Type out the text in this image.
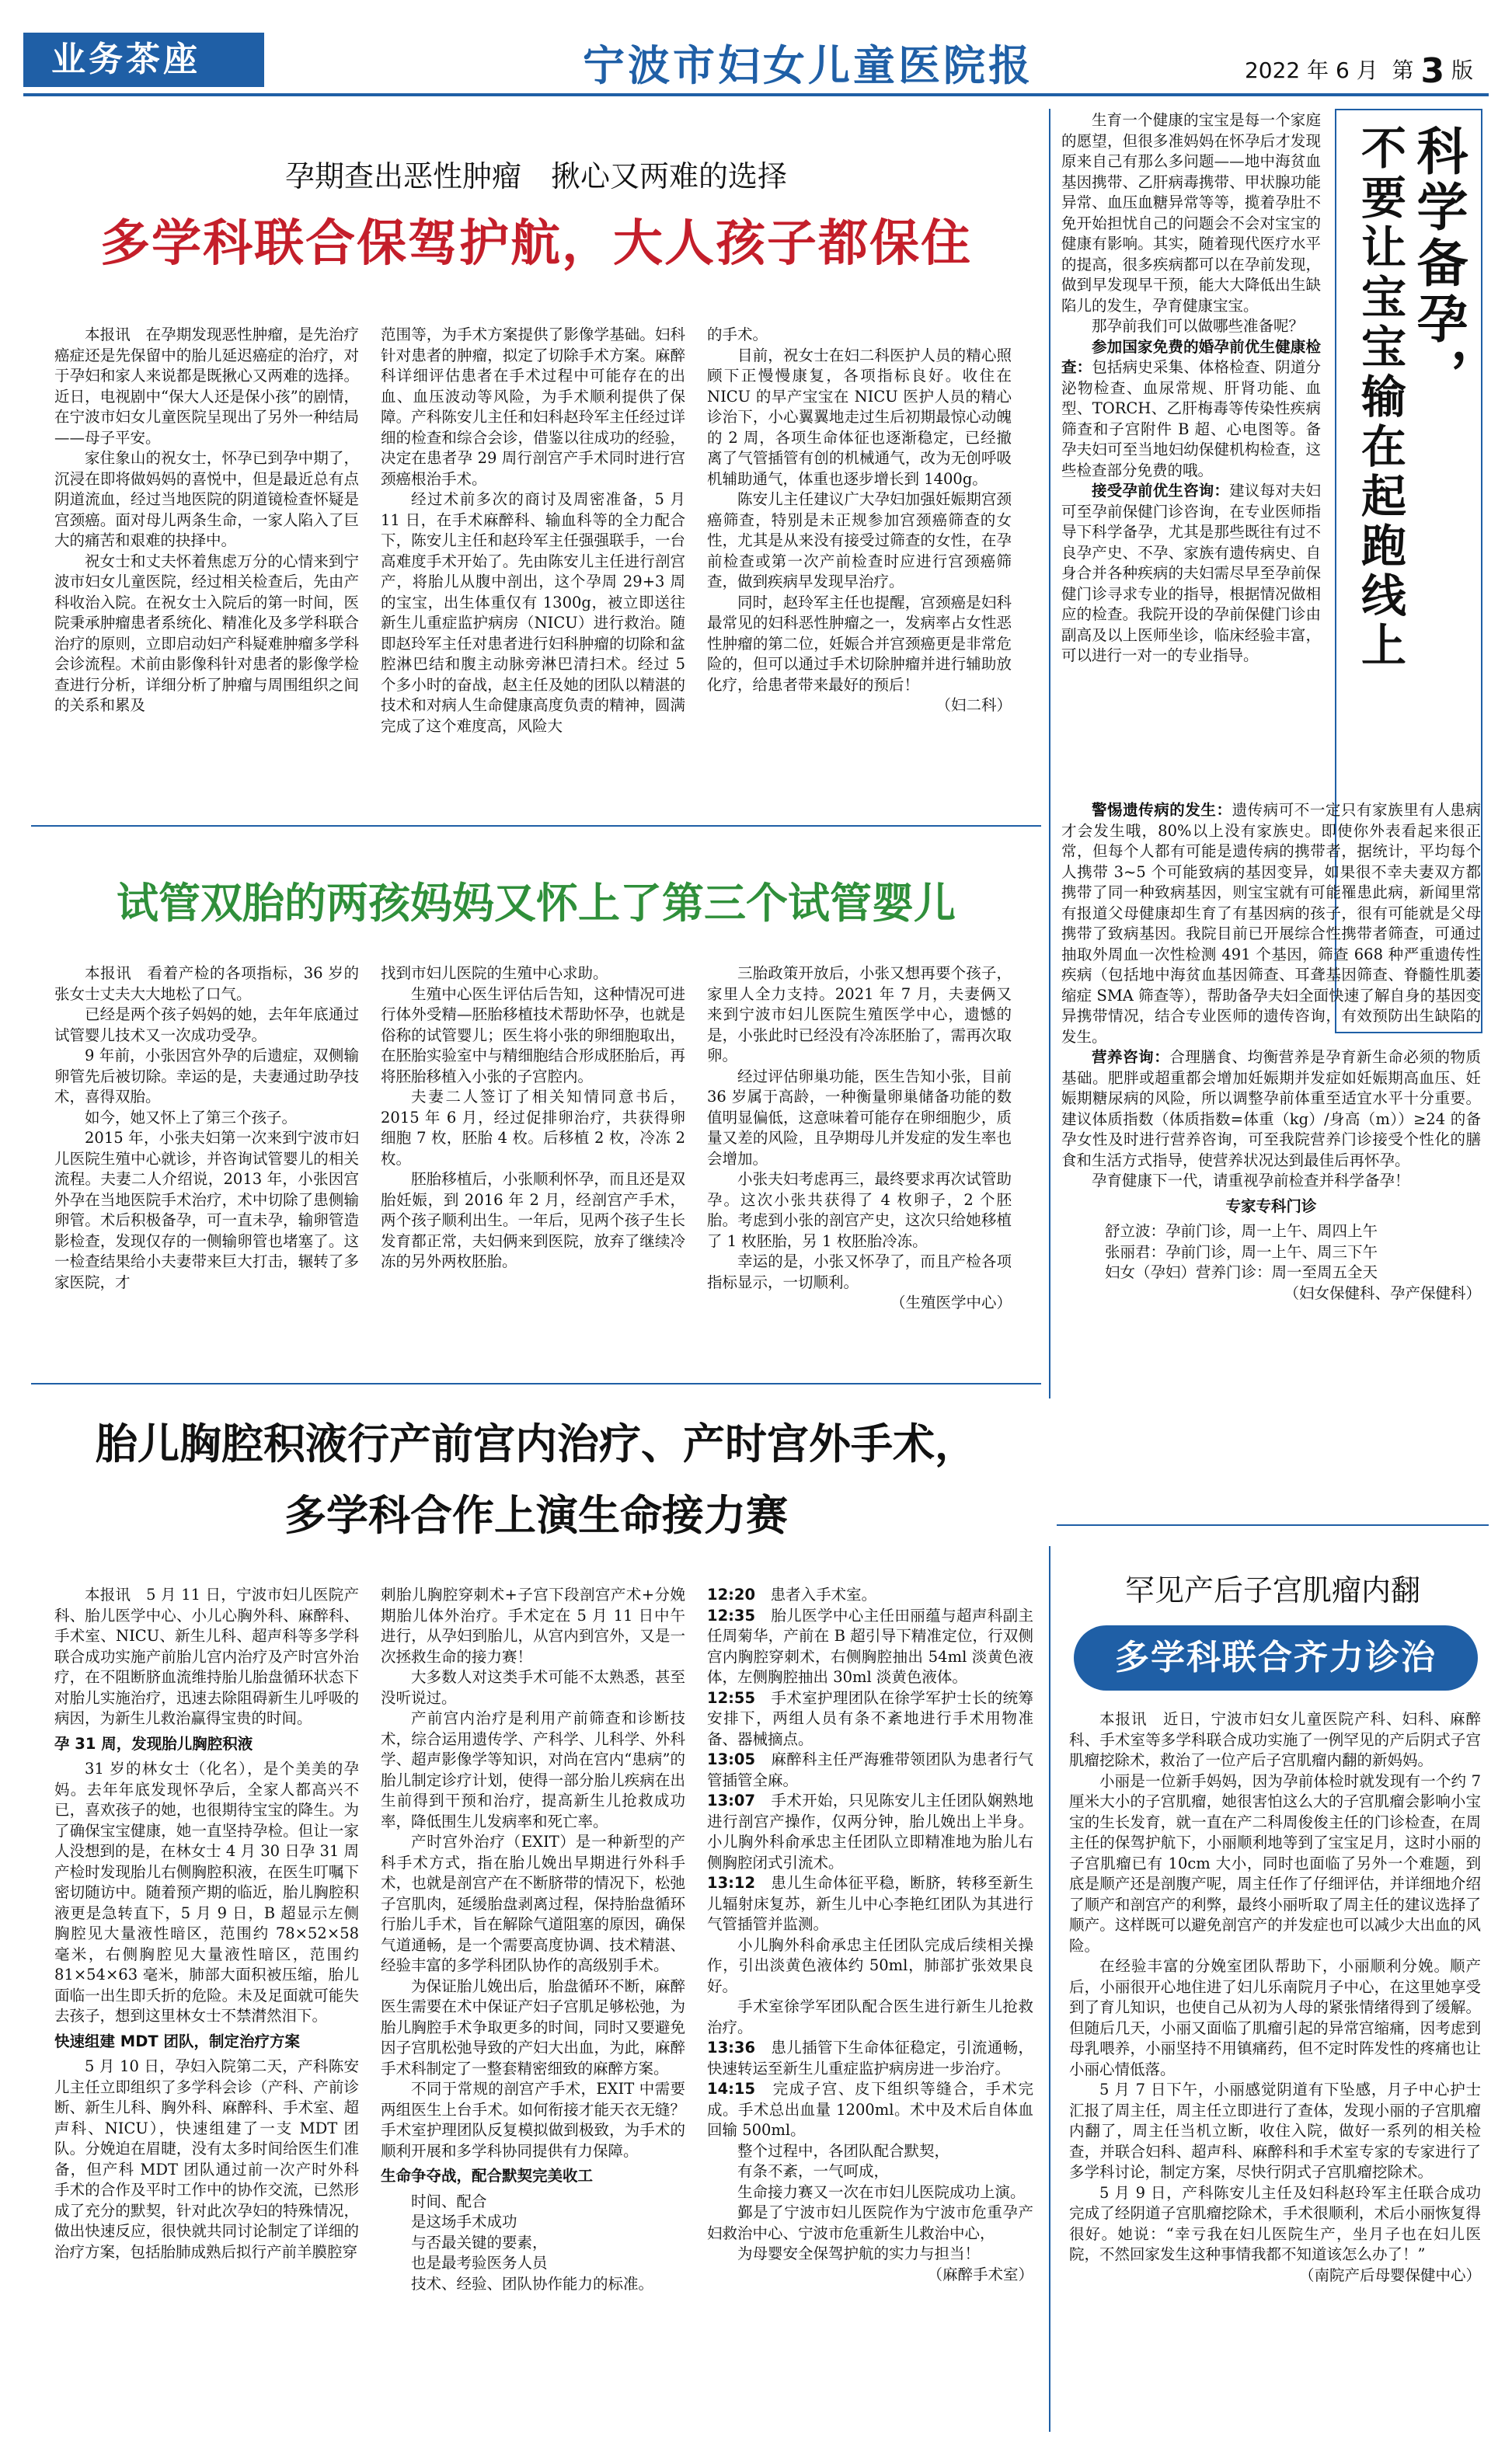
业务茶座	宁波市妇女儿童医院报	2022 年 6 月 第 3 版
孕期查出恶性肿瘤　揪心又两难的选择
多学科联合保驾护航，大人孩子都保住

本报讯　在孕期发现恶性肿瘤，是先治疗癌症还是先保留中的胎儿延迟癌症的治疗，对于孕妇和家人来说都是既揪心又两难的选择。近日，电视剧中“保大人还是保小孩”的剧情，在宁波市妇女儿童医院呈现出了另外一种结局——母子平安。

家住象山的祝女士，怀孕已到孕中期了，沉浸在即将做妈妈的喜悦中，但是最近总有点阴道流血，经过当地医院的阴道镜检查怀疑是宫颈癌。面对母儿两条生命，一家人陷入了巨大的痛苦和艰难的抉择中。

祝女士和丈夫怀着焦虑万分的心情来到宁波市妇女儿童医院，经过相关检查后，先由产科收治入院。在祝女士入院后的第一时间，医院秉承肿瘤患者系统化、精准化及多学科联合治疗的原则，立即启动妇产科疑难肿瘤多学科会诊流程。术前由影像科针对患者的影像学检查进行分析，详细分析了肿瘤与周围组织之间的关系和累及

范围等，为手术方案提供了影像学基础。妇科针对患者的肿瘤，拟定了切除手术方案。麻醉科详细评估患者在手术过程中可能存在的出血、血压波动等风险，为手术顺利提供了保障。产科陈安儿主任和妇科赵玲军主任经过详细的检查和综合会诊，借鉴以往成功的经验，决定在患者孕 29 周行剖宫产手术同时进行宫颈癌根治手术。

经过术前多次的商讨及周密准备，5 月 11 日，在手术麻醉科、输血科等的全力配合下，陈安儿主任和赵玲军主任强强联手，一台高难度手术开始了。先由陈安儿主任进行剖宫产，将胎儿从腹中剖出，这个孕周 29+3 周的宝宝，出生体重仅有 1300g，被立即送往新生儿重症监护病房（NICU）进行救治。随即赵玲军主任对患者进行妇科肿瘤的切除和盆腔淋巴结和腹主动脉旁淋巴清扫术。经过 5 个多小时的奋战，赵主任及她的团队以精湛的技术和对病人生命健康高度负责的精神，圆满完成了这个难度高，风险大

的手术。

目前，祝女士在妇二科医护人员的精心照顾下正慢慢康复，各项指标良好。收住在 NICU 的早产宝宝在 NICU 医护人员的精心诊治下，小心翼翼地走过生后初期最惊心动魄的 2 周，各项生命体征也逐渐稳定，已经撤离了气管插管有创的机械通气，改为无创呼吸机辅助通气，体重也逐步增长到 1400g。

陈安儿主任建议广大孕妇加强妊娠期宫颈癌筛查，特别是未正规参加宫颈癌筛查的女性，尤其是从来没有接受过筛查的女性，在孕前检查或第一次产前检查时应进行宫颈癌筛查，做到疾病早发现早治疗。

同时，赵玲军主任也提醒，宫颈癌是妇科最常见的妇科恶性肿瘤之一，发病率占女性恶性肿瘤的第二位，妊娠合并宫颈癌更是非常危险的，但可以通过手术切除肿瘤并进行辅助放化疗，给患者带来最好的预后！

（妇二科）

试管双胎的两孩妈妈又怀上了第三个试管婴儿

本报讯　看着产检的各项指标，36 岁的张女士丈夫大大地松了口气。

已经是两个孩子妈妈的她，去年年底通过试管婴儿技术又一次成功受孕。

9 年前，小张因宫外孕的后遗症，双侧输卵管先后被切除。幸运的是，夫妻通过助孕技术，喜得双胎。

如今，她又怀上了第三个孩子。

2015 年，小张夫妇第一次来到宁波市妇儿医院生殖中心就诊，并咨询试管婴儿的相关流程。夫妻二人介绍说，2013 年，小张因宫外孕在当地医院手术治疗，术中切除了患侧输卵管。术后积极备孕，可一直未孕，输卵管造影检查，发现仅存的一侧输卵管也堵塞了。这一检查结果给小夫妻带来巨大打击，辗转了多家医院，才

找到市妇儿医院的生殖中心求助。

生殖中心医生评估后告知，这种情况可进行体外受精—胚胎移植技术帮助怀孕，也就是俗称的试管婴儿；医生将小张的卵细胞取出，在胚胎实验室中与精细胞结合形成胚胎后，再将胚胎移植入小张的子宫腔内。

夫妻二人签订了相关知情同意书后，2015 年 6 月，经过促排卵治疗，共获得卵细胞 7 枚，胚胎 4 枚。后移植 2 枚，冷冻 2 枚。

胚胎移植后，小张顺利怀孕，而且还是双胎妊娠，到 2016 年 2 月，经剖宫产手术，两个孩子顺利出生。一年后，见两个孩子生长发育都正常，夫妇俩来到医院，放弃了继续冷冻的另外两枚胚胎。

三胎政策开放后，小张又想再要个孩子，家里人全力支持。2021 年 7 月，夫妻俩又来到宁波市妇儿医院生殖医学中心，遗憾的是，小张此时已经没有冷冻胚胎了，需再次取卵。

经过评估卵巢功能，医生告知小张，目前 36 岁属于高龄，一种衡量卵巢储备功能的数值明显偏低，这意味着可能存在卵细胞少，质量又差的风险，且孕期母儿并发症的发生率也会增加。

小张夫妇考虑再三，最终要求再次试管助孕。这次小张共获得了 4 枚卵子，2 个胚胎。考虑到小张的剖宫产史，这次只给她移植了 1 枚胚胎，另 1 枚胚胎冷冻。

幸运的是，小张又怀孕了，而且产检各项指标显示，一切顺利。

（生殖医学中心）

胎儿胸腔积液行产前宫内治疗、产时宫外手术，
多学科合作上演生命接力赛

本报讯　5 月 11 日，宁波市妇儿医院产科、胎儿医学中心、小儿心胸外科、麻醉科、手术室、NICU、新生儿科、超声科等多学科联合成功实施产前胎儿宫内治疗及产时宫外治疗，在不阻断脐血流维持胎儿胎盘循环状态下对胎儿实施治疗，迅速去除阻碍新生儿呼吸的病因，为新生儿救治赢得宝贵的时间。

孕 31 周，发现胎儿胸腔积液

31 岁的林女士（化名），是个美美的孕妈。去年年底发现怀孕后，全家人都高兴不已，喜欢孩子的她，也很期待宝宝的降生。为了确保宝宝健康，她一直坚持孕检。但让一家人没想到的是，在林女士 4 月 30 日孕 31 周产检时发现胎儿右侧胸腔积液，在医生叮嘱下密切随访中。随着预产期的临近，胎儿胸腔积液更是急转直下，5 月 9 日，B 超显示左侧胸腔见大量液性暗区，范围约 78×52×58 毫米，右侧胸腔见大量液性暗区，范围约 81×54×63 毫米，肺部大面积被压缩，胎儿面临一出生即夭折的危险。未及足面就可能失去孩子，想到这里林女士不禁潸然泪下。

快速组建 MDT 团队，制定治疗方案

5 月 10 日，孕妇入院第二天，产科陈安儿主任立即组织了多学科会诊（产科、产前诊断、新生儿科、胸外科、麻醉科、手术室、超声科、NICU），快速组建了一支 MDT 团队。分娩迫在眉睫，没有太多时间给医生们准备，但产科 MDT 团队通过前一次产时外科手术的合作及平时工作中的协作交流，已然形成了充分的默契，针对此次孕妇的特殊情况，做出快速反应，很快就共同讨论制定了详细的治疗方案，包括胎肺成熟后拟行产前羊膜腔穿

刺胎儿胸腔穿刺术+子宫下段剖宫产术+分娩期胎儿体外治疗。手术定在 5 月 11 日中午进行，从孕妇到胎儿，从宫内到宫外，又是一次拯救生命的接力赛！

大多数人对这类手术可能不太熟悉，甚至没听说过。

产前宫内治疗是利用产前筛查和诊断技术，综合运用遗传学、产科学、儿科学、外科学、超声影像学等知识，对尚在宫内“患病”的胎儿制定诊疗计划，使得一部分胎儿疾病在出生前得到干预和治疗，提高新生儿抢救成功率，降低围生儿发病率和死亡率。

产时宫外治疗（EXIT）是一种新型的产科手术方式，指在胎儿娩出早期进行外科手术，也就是剖宫产在不断脐带的情况下，松弛子宫肌肉，延缓胎盘剥离过程，保持胎盘循环行胎儿手术，旨在解除气道阻塞的原因，确保气道通畅，是一个需要高度协调、技术精湛、经验丰富的多学科团队协作的高级别手术。

为保证胎儿娩出后，胎盘循环不断，麻醉医生需要在术中保证产妇子宫肌足够松弛，为胎儿胸腔手术争取更多的时间，同时又要避免因子宫肌松弛导致的产妇大出血，为此，麻醉手术科制定了一整套精密细致的麻醉方案。

不同于常规的剖宫产手术，EXIT 中需要两组医生上台手术。如何衔接才能天衣无缝？手术室护理团队反复模拟做到极致，为手术的顺利开展和多学科协同提供有力保障。

生命争夺战，配合默契完美收工

时间、配合

是这场手术成功

与否最关键的要素，

也是最考验医务人员

技术、经验、团队协作能力的标准。

12:20　 患者入手术室。

12:35　 胎儿医学中心主任田丽蕴与超声科副主任周菊华，产前在 B 超引导下精准定位，行双侧宫内胸腔穿刺术，右侧胸腔抽出 54ml 淡黄色液体，左侧胸腔抽出 30ml 淡黄色液体。

12:55　 手术室护理团队在徐学军护士长的统筹安排下，两组人员有条不紊地进行手术用物准备、器械摘点。

13:05　 麻醉科主任严海雅带领团队为患者行气管插管全麻。

13:07　 手术开始，只见陈安儿主任团队娴熟地进行剖宫产操作，仅两分钟，胎儿娩出上半身。小儿胸外科俞承忠主任团队立即精准地为胎儿右侧胸腔闭式引流术。

13:12　 患儿生命体征平稳，断脐，转移至新生儿辐射床复苏，新生儿中心李艳红团队为其进行气管插管并监测。

小儿胸外科俞承忠主任团队完成后续相关操作，引出淡黄色液体约 50ml，肺部扩张效果良好。

手术室徐学军团队配合医生进行新生儿抢救治疗。

13:36　 患儿插管下生命体征稳定，引流通畅，快速转运至新生儿重症监护病房进一步治疗。

14:15　 完成子宫、皮下组织等缝合，手术完成。手术总出血量 1200ml。术中及术后自体血回输 500ml。

整个过程中，各团队配合默契，

有条不紊，一气呵成，

生命接力赛又一次在市妇儿医院成功上演。

鄞是了宁波市妇儿医院作为宁波市危重孕产妇救治中心、宁波市危重新生儿救治中心，

为母婴安全保驾护航的实力与担当！

（麻醉手术室）

科学备孕，
不要让宝宝输在起跑线上

生育一个健康的宝宝是每一个家庭的愿望，但很多准妈妈在怀孕后才发现原来自己有那么多问题——地中海贫血基因携带、乙肝病毒携带、甲状腺功能异常、血压血糖异常等等，揽着孕肚不免开始担忧自己的问题会不会对宝宝的健康有影响。其实，随着现代医疗水平的提高，很多疾病都可以在孕前发现，做到早发现早干预，能大大降低出生缺陷儿的发生，孕育健康宝宝。

那孕前我们可以做哪些准备呢？

参加国家免费的婚孕前优生健康检查：包括病史采集、体格检查、阴道分泌物检查、血尿常规、肝肾功能、血型、TORCH、乙肝梅毒等传染性疾病筛查和子宫附件 B 超、心电图等。备孕夫妇可至当地妇幼保健机构检查，这些检查部分免费的哦。

接受孕前优生咨询：建议每对夫妇可至孕前保健门诊咨询，在专业医师指导下科学备孕，尤其是那些既往有过不良孕产史、不孕、家族有遗传病史、自身合并各种疾病的夫妇需尽早至孕前保健门诊寻求专业的指导，根据情况做相应的检查。我院开设的孕前保健门诊由副高及以上医师坐诊，临床经验丰富，可以进行一对一的专业指导。

警惕遗传病的发生：遗传病可不一定只有家族里有人患病才会发生哦，80%以上没有家族史。即使你外表看起来很正常，但每个人都有可能是遗传病的携带者，据统计，平均每个人携带 3~5 个可能致病的基因变异，如果很不幸夫妻双方都携带了同一种致病基因，则宝宝就有可能罹患此病，新闻里常有报道父母健康却生育了有基因病的孩子，很有可能就是父母携带了致病基因。我院目前已开展综合性携带者筛查，可通过抽取外周血一次性检测 491 个基因，筛查 668 种严重遗传性疾病（包括地中海贫血基因筛查、耳聋基因筛查、脊髓性肌萎缩症 SMA 筛查等），帮助备孕夫妇全面快速了解自身的基因变异携带情况，结合专业医师的遗传咨询，有效预防出生缺陷的发生。

营养咨询：合理膳食、均衡营养是孕育新生命必须的物质基础。肥胖或超重都会增加妊娠期并发症如妊娠期高血压、妊娠期糖尿病的风险，所以调整孕前体重至适宜水平十分重要。建议体质指数（体质指数=体重（kg）/身高（m））≥24 的备孕女性及时进行营养咨询，可至我院营养门诊接受个性化的膳食和生活方式指导，使营养状况达到最佳后再怀孕。

孕育健康下一代，请重视孕前检查并科学备孕！

专家专科门诊

舒立波：孕前门诊，周一上午、周四上午

张丽君：孕前门诊，周一上午、周三下午

妇女（孕妇）营养门诊：周一至周五全天

（妇女保健科、孕产保健科）

罕见产后子宫肌瘤内翻
多学科联合齐力诊治

本报讯　近日，宁波市妇女儿童医院产科、妇科、麻醉科、手术室等多学科联合成功实施了一例罕见的产后阴式子宫肌瘤挖除术，救治了一位产后子宫肌瘤内翻的新妈妈。

小丽是一位新手妈妈，因为孕前体检时就发现有一个约 7 厘米大小的子宫肌瘤，她很害怕这么大的子宫肌瘤会影响小宝宝的生长发育，就一直在产二科周俊俊主任的门诊检查，在周主任的保驾护航下，小丽顺利地等到了宝宝足月，这时小丽的子宫肌瘤已有 10cm 大小，同时也面临了另外一个难题，到底是顺产还是剖腹产呢，周主任作了仔细评估，并详细地介绍了顺产和剖宫产的利弊，最终小丽听取了周主任的建议选择了顺产。这样既可以避免剖宫产的并发症也可以减少大出血的风险。

在经验丰富的分娩室团队帮助下，小丽顺利分娩。顺产后，小丽很开心地住进了妇儿乐南院月子中心，在这里她享受到了育儿知识，也使自己从初为人母的紧张情绪得到了缓解。但随后几天，小丽又面临了肌瘤引起的异常宫缩痛，因考虑到母乳喂养，小丽坚持不用镇痛药，但不定时阵发性的疼痛也让小丽心情低落。

5 月 7 日下午，小丽感觉阴道有下坠感，月子中心护士汇报了周主任，周主任立即进行了查体，发现小丽的子宫肌瘤内翻了，周主任当机立断，收住入院，做好一系列的相关检查，并联合妇科、超声科、麻醉科和手术室专家的专家进行了多学科讨论，制定方案，尽快行阴式子宫肌瘤挖除术。

5 月 9 日，产科陈安儿主任及妇科赵玲军主任联合成功完成了经阴道子宫肌瘤挖除术，手术很顺利，术后小丽恢复得很好。她说：“幸亏我在妇儿医院生产，坐月子也在妇儿医院，不然回家发生这种事情我都不知道该怎么办了！”

（南院产后母婴保健中心）
